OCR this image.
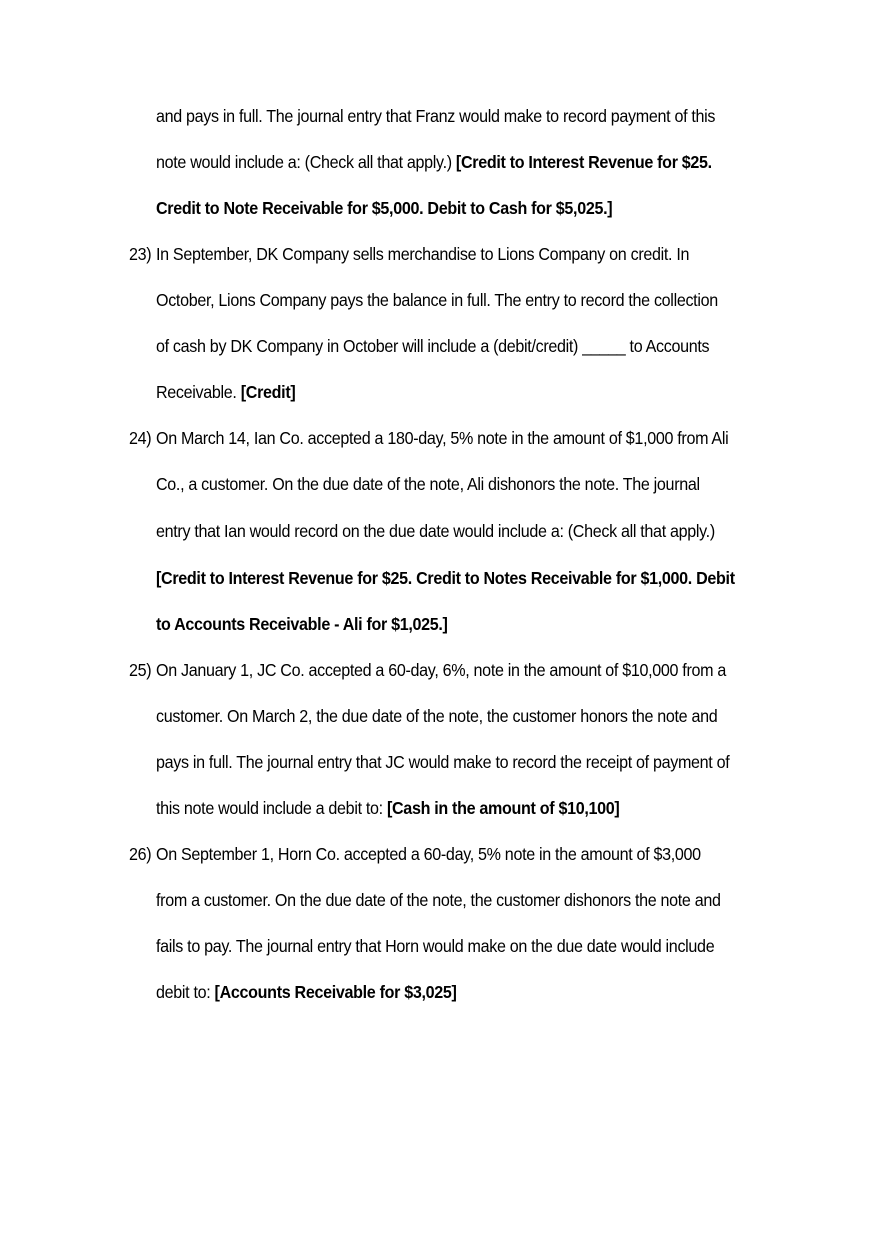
and pays in full. The journal entry that Franz would make to record payment of this
note would include a: (Check all that apply.) [Credit to Interest Revenue for $25.
Credit to Note Receivable for $5,000. Debit to Cash for $5,025.]
23) In September, DK Company sells merchandise to Lions Company on credit. In
October, Lions Company pays the balance in full. The entry to record the collection
of cash by DK Company in October will include a (debit/credit) _____ to Accounts
Receivable. [Credit]
24) On March 14, Ian Co. accepted a 180-day, 5% note in the amount of $1,000 from Ali
Co., a customer. On the due date of the note, Ali dishonors the note. The journal
entry that Ian would record on the due date would include a: (Check all that apply.)
[Credit to Interest Revenue for $25. Credit to Notes Receivable for $1,000. Debit
to Accounts Receivable - Ali for $1,025.]
25) On January 1, JC Co. accepted a 60-day, 6%, note in the amount of $10,000 from a
customer. On March 2, the due date of the note, the customer honors the note and
pays in full. The journal entry that JC would make to record the receipt of payment of
this note would include a debit to: [Cash in the amount of $10,100]
26) On September 1, Horn Co. accepted a 60-day, 5% note in the amount of $3,000
from a customer. On the due date of the note, the customer dishonors the note and
fails to pay. The journal entry that Horn would make on the due date would include
debit to: [Accounts Receivable for $3,025]
